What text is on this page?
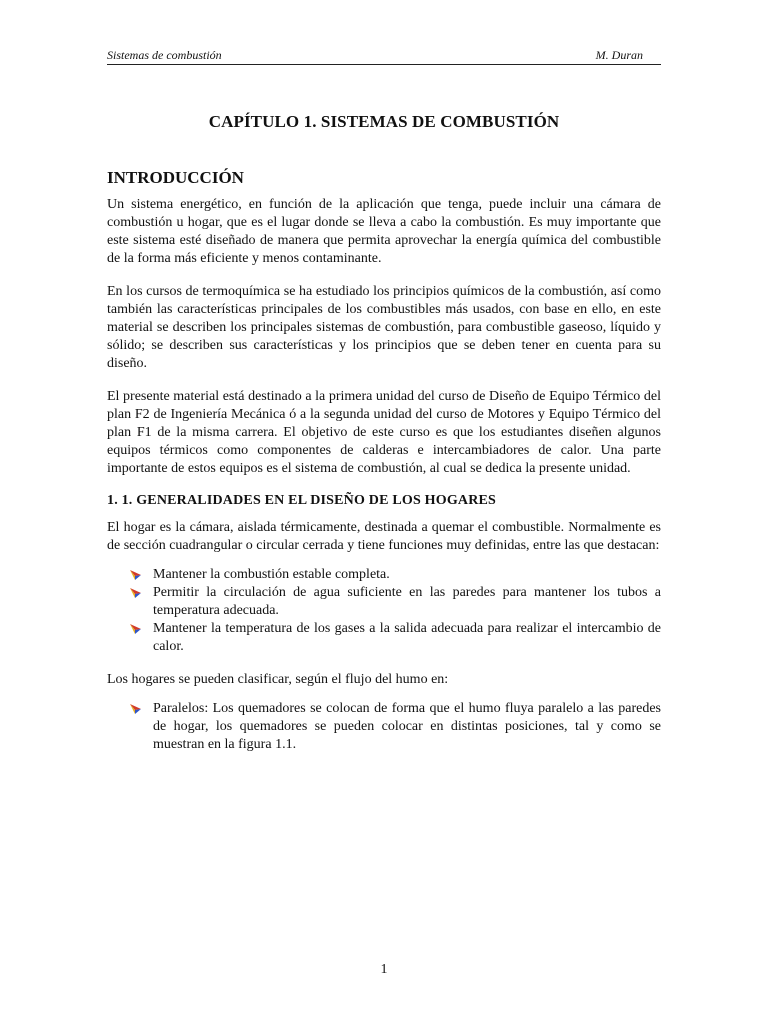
Sistemas de combustión	M. Duran
CAPÍTULO 1. SISTEMAS DE COMBUSTIÓN
INTRODUCCIÓN

Un sistema energético, en función de la aplicación que tenga, puede incluir una cámara de combustión u hogar, que es el lugar donde se lleva a cabo la combustión. Es muy importante que este sistema esté diseñado de manera que permita aprovechar la energía química del combustible de la forma más eficiente y menos contaminante.

En los cursos de termoquímica se ha estudiado los principios químicos de la combustión, así como también las características principales de los combustibles más usados, con base en ello, en este material se describen los principales sistemas de combustión, para combustible gaseoso, líquido y sólido; se describen sus características y los principios que se deben tener en cuenta para su diseño.

El presente material está destinado a la primera unidad del curso de Diseño de Equipo Térmico del plan F2 de Ingeniería Mecánica ó a la segunda unidad del curso de Motores y Equipo Térmico del plan F1 de la misma carrera. El objetivo de este curso es que los estudiantes diseñen algunos equipos térmicos como componentes de calderas e intercambiadores de calor. Una parte importante de estos equipos es el sistema de combustión, al cual se dedica la presente unidad.

1. 1. GENERALIDADES EN EL DISEÑO DE LOS HOGARES

El hogar es la cámara, aislada térmicamente, destinada a quemar el combustible. Normalmente es de sección cuadrangular o circular cerrada y tiene funciones muy definidas, entre las que destacan:

Mantener la combustión estable completa.
Permitir la circulación de agua suficiente en las paredes para mantener los tubos a temperatura adecuada.
Mantener la temperatura de los gases a la salida adecuada para realizar el intercambio de calor.

Los hogares se pueden clasificar, según el flujo del humo en:

Paralelos: Los quemadores se colocan de forma que el humo fluya paralelo a las paredes de hogar, los quemadores se pueden colocar en distintas posiciones, tal y como se muestran en la figura 1.1.
1
